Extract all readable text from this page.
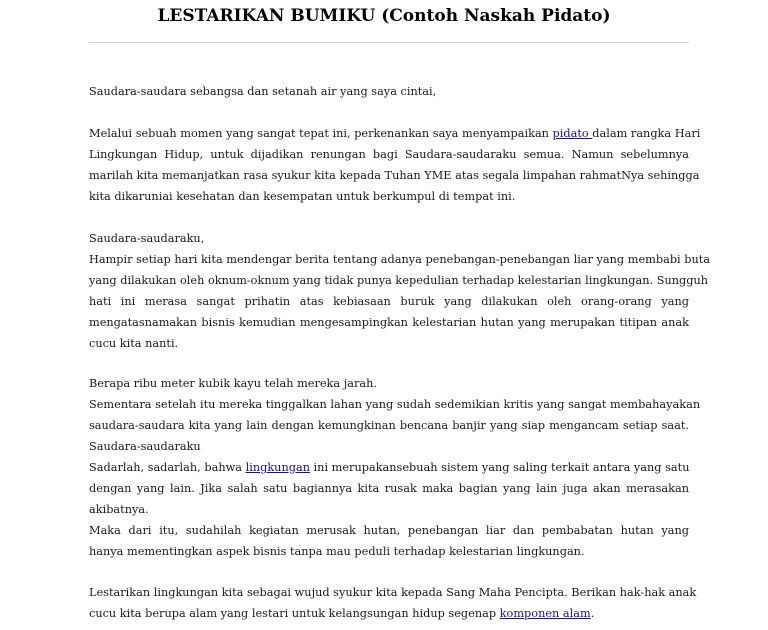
LESTARIKAN BUMIKU (Contoh Naskah Pidato)
Saudara-saudara sebangsa dan setanah air yang saya cintai,
Melalui sebuah momen yang sangat tepat ini, perkenankan saya menyampaikan pidato dalam rangka Hari
Lingkungan Hidup, untuk dijadikan renungan bagi Saudara-saudaraku semua. Namun sebelumnya
marilah kita memanjatkan rasa syukur kita kepada Tuhan YME atas segala limpahan rahmatNya sehingga
kita dikaruniai kesehatan dan kesempatan untuk berkumpul di tempat ini.
Saudara-saudaraku,
Hampir setiap hari kita mendengar berita tentang adanya penebangan-penebangan liar yang membabi buta
yang dilakukan oleh oknum-oknum yang tidak punya kepedulian terhadap kelestarian lingkungan. Sungguh
hati ini merasa sangat prihatin atas kebiasaan buruk yang dilakukan oleh orang-orang yang
mengatasnamakan bisnis kemudian mengesampingkan kelestarian hutan yang merupakan titipan anak
cucu kita nanti.
Berapa ribu meter kubik kayu telah mereka jarah.
Sementara setelah itu mereka tinggalkan lahan yang sudah sedemikian kritis yang sangat membahayakan
saudara-saudara kita yang lain dengan kemungkinan bencana banjir yang siap mengancam setiap saat.
Saudara-saudaraku
Sadarlah, sadarlah, bahwa lingkungan ini merupakansebuah sistem yang saling terkait antara yang satu
dengan yang lain. Jika salah satu bagiannya kita rusak maka bagian yang lain juga akan merasakan
akibatnya.
Maka dari itu, sudahilah kegiatan merusak hutan, penebangan liar dan pembabatan hutan yang
hanya mementingkan aspek bisnis tanpa mau peduli terhadap kelestarian lingkungan.
Lestarikan lingkungan kita sebagai wujud syukur kita kepada Sang Maha Pencipta. Berikan hak-hak anak
cucu kita berupa alam yang lestari untuk kelangsungan hidup segenap komponen alam.
